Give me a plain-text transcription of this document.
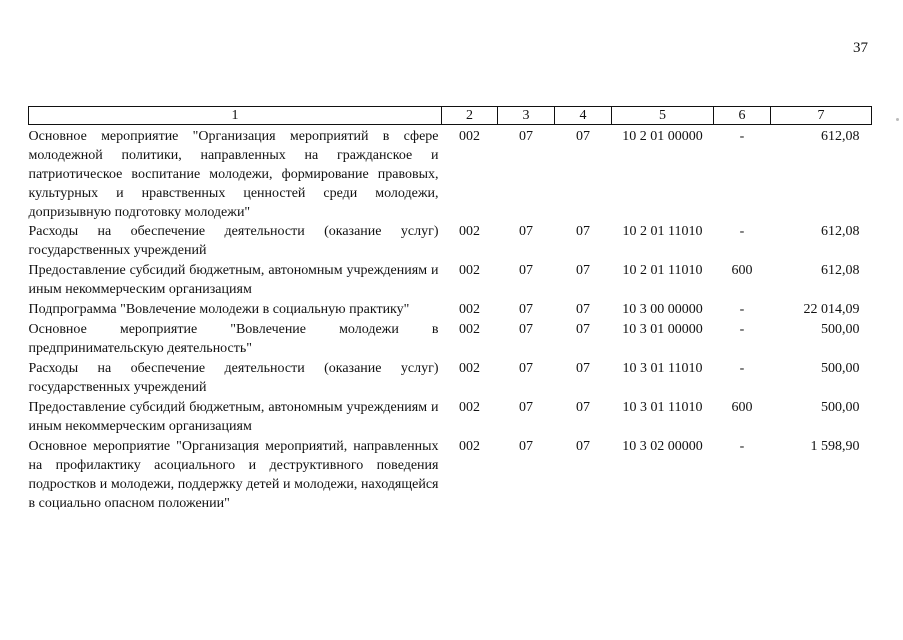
37
1	2	3	4	5	6	7
Основное мероприятие "Организация мероприятий в сфере молодежной политики, направленных на гражданское и патриотическое воспитание молодежи, формирование правовых, культурных и нравственных ценностей среди молодежи, допризывную подготовку молодежи"	002	07	07	10 2 01 00000	-	612,08
Расходы на обеспечение деятельности (оказание услуг) государственных учреждений	002	07	07	10 2 01 11010	-	612,08
Предоставление субсидий бюджетным, автономным учреждениям и иным некоммерческим организациям	002	07	07	10 2 01 11010	600	612,08
Подпрограмма "Вовлечение молодежи в социальную практику"	002	07	07	10 3 00 00000	-	22 014,09
Основное мероприятие "Вовлечение молодежи в предпринимательскую деятельность"	002	07	07	10 3 01 00000	-	500,00
Расходы на обеспечение деятельности (оказание услуг) государственных учреждений	002	07	07	10 3 01 11010	-	500,00
Предоставление субсидий бюджетным, автономным учреждениям и иным некоммерческим организациям	002	07	07	10 3 01 11010	600	500,00
Основное мероприятие "Организация мероприятий, направленных на профилактику асоциального и деструктивного поведения подростков и молодежи, поддержку детей и молодежи, находящейся в социально опасном положении"	002	07	07	10 3 02 00000	-	1 598,90
